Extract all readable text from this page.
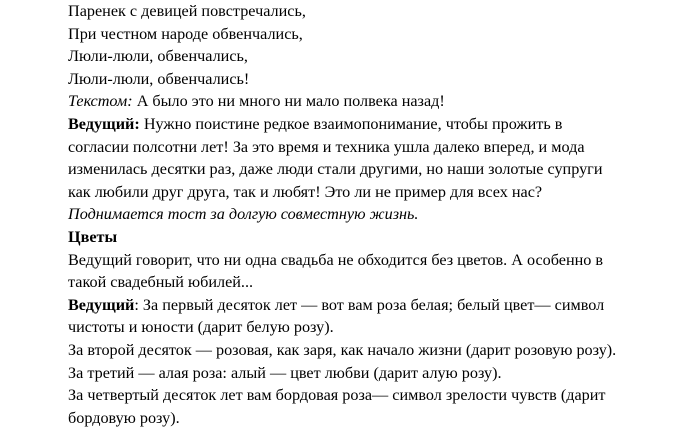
Паренек с девицей повстречались,
При честном народе обвенчались,
Люли-люли, обвенчались,
Люли-люли, обвенчались!
Текстом: А было это ни много ни мало полвека назад!
Ведущий: Нужно поистине редкое взаимопонимание, чтобы прожить в
согласии полсотни лет! За это время и техника ушла далеко вперед, и мода
изменилась десятки раз, даже люди стали другими, но наши золотые супруги
как любили друг друга, так и любят! Это ли не пример для всех нас?
Поднимается тост за долгую совместную жизнь.
Цветы
Ведущий говорит, что ни одна свадьба не обходится без цветов. А особенно в
такой свадебный юбилей...
Ведущий: За первый десяток лет — вот вам роза белая; белый цвет— символ
чистоты и юности (дарит белую розу).
За второй десяток — розовая, как заря, как начало жизни (дарит розовую розу).
За третий — алая роза: алый — цвет любви (дарит алую розу).
За четвертый десяток лет вам бордовая роза— символ зрелости чувств (дарит
бордовую розу).
